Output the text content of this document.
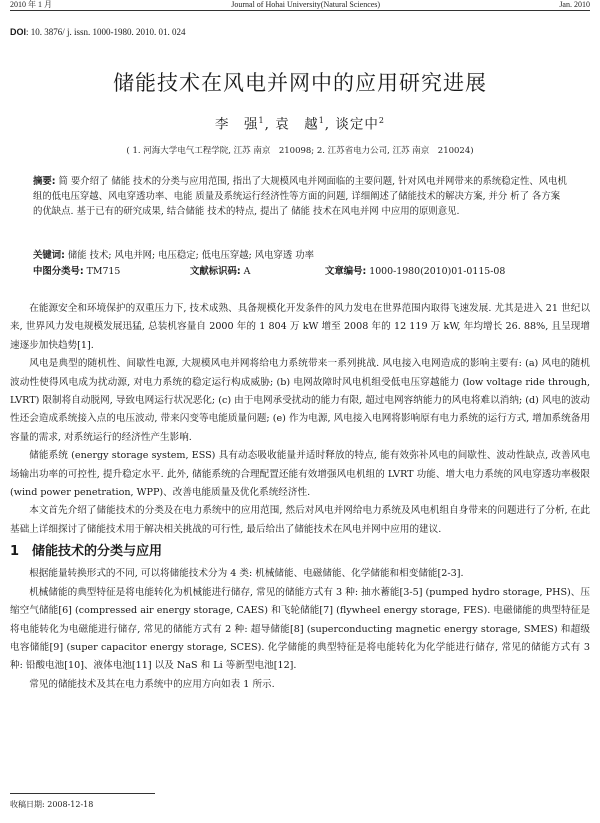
2010 年 1 月	Journal of Hohai University(Natural Sciences)	Jan. 2010
DOI: 10. 3876/ j. issn. 1000-1980. 2010. 01. 024
储能技术在风电并网中的应用研究进展
李　强$^1$, 袁　越$^1$, 谈定中$^2$
( 1. 河海大学电气工程学院, 江苏 南京　210098; 2. 江苏省电力公司, 江苏 南京　210024)
摘要: 简 要介绍了 储能 技术的分类与应用范围, 指出了大规模风电并网面临的主要问题, 针对风电并网带来的系统稳定性、风电机组的低电压穿越、风电穿透功率、电能 质量及系统运行经济性等方面的问题, 详细阐述了储能技术的解决方案, 并分 析了 各方案的优缺点. 基于已有的研究成果, 结合储能 技术的特点, 提出了 储能 技术在风电并网 中应用的原则意见.
关键词: 储能 技术; 风电并网; 电压稳定; 低电压穿越; 风电穿透 功率
中图分类号: TM715	文献标识码: A	文章编号: 1000-1980(2010)01-0115-08

在能源安全和环境保护的双重压力下, 技术成熟、具备规模化开发条件的风力发电在世界范围内取得飞速发展. 尤其是进入 21 世纪以来, 世界风力发电规模发展迅猛, 总装机容量自 2000 年的 1 804 万 kW 增至 2008 年的 12 119 万 kW, 年均增长 26. 88%, 且呈现增速逐步加快趋势[1].

风电是典型的随机性、间歇性电源, 大规模风电并网将给电力系统带来一系列挑战. 风电接入电网造成的影响主要有: (a) 风电的随机波动性使得风电成为扰动源, 对电力系统的稳定运行构成威胁; (b) 电网故障时风电机组受低电压穿越能力 (low voltage ride through, LVRT) 限制将自动脱网, 导致电网运行状况恶化; (c) 由于电网承受扰动的能力有限, 超过电网容纳能力的风电将难以消纳; (d) 风电的波动性还会造成系统接入点的电压波动, 带来闪变等电能质量问题; (e) 作为电源, 风电接入电网将影响原有电力系统的运行方式, 增加系统备用容量的需求, 对系统运行的经济性产生影响.

储能系统 (energy storage system, ESS) 具有动态吸收能量并适时释放的特点, 能有效弥补风电的间歇性、波动性缺点, 改善风电场输出功率的可控性, 提升稳定水平. 此外, 储能系统的合理配置还能有效增强风电机组的 LVRT 功能、增大电力系统的风电穿透功率极限 (wind power penetration, WPP)、改善电能质量及优化系统经济性.

本文首先介绍了储能技术的分类及在电力系统中的应用范围, 然后对风电并网给电力系统及风电机组自身带来的问题进行了分析, 在此基础上详细探讨了储能技术用于解决相关挑战的可行性, 最后给出了储能技术在风电并网中应用的建议.

1 储能技术的分类与应用

根据能量转换形式的不同, 可以将储能技术分为 4 类: 机械储能、电磁储能、化学储能和相变储能[2-3].

机械储能的典型特征是将电能转化为机械能进行储存, 常见的储能方式有 3 种: 抽水蓄能[3-5] (pumped hydro storage, PHS)、压缩空气储能[6] (compressed air energy storage, CAES) 和飞轮储能[7] (flywheel energy storage, FES). 电磁储能的典型特征是将电能转化为电磁能进行储存, 常见的储能方式有 2 种: 超导储能[8] (superconducting magnetic energy storage, SMES) 和超级电容储能[9] (super capacitor energy storage, SCES). 化学储能的典型特征是将电能转化为化学能进行储存, 常见的储能方式有 3 种: 铅酸电池[10]、液体电池[11] 以及 NaS 和 Li 等新型电池[12].

常见的储能技术及其在电力系统中的应用方向如表 1 所示.

收稿日期: 2008-12-18
